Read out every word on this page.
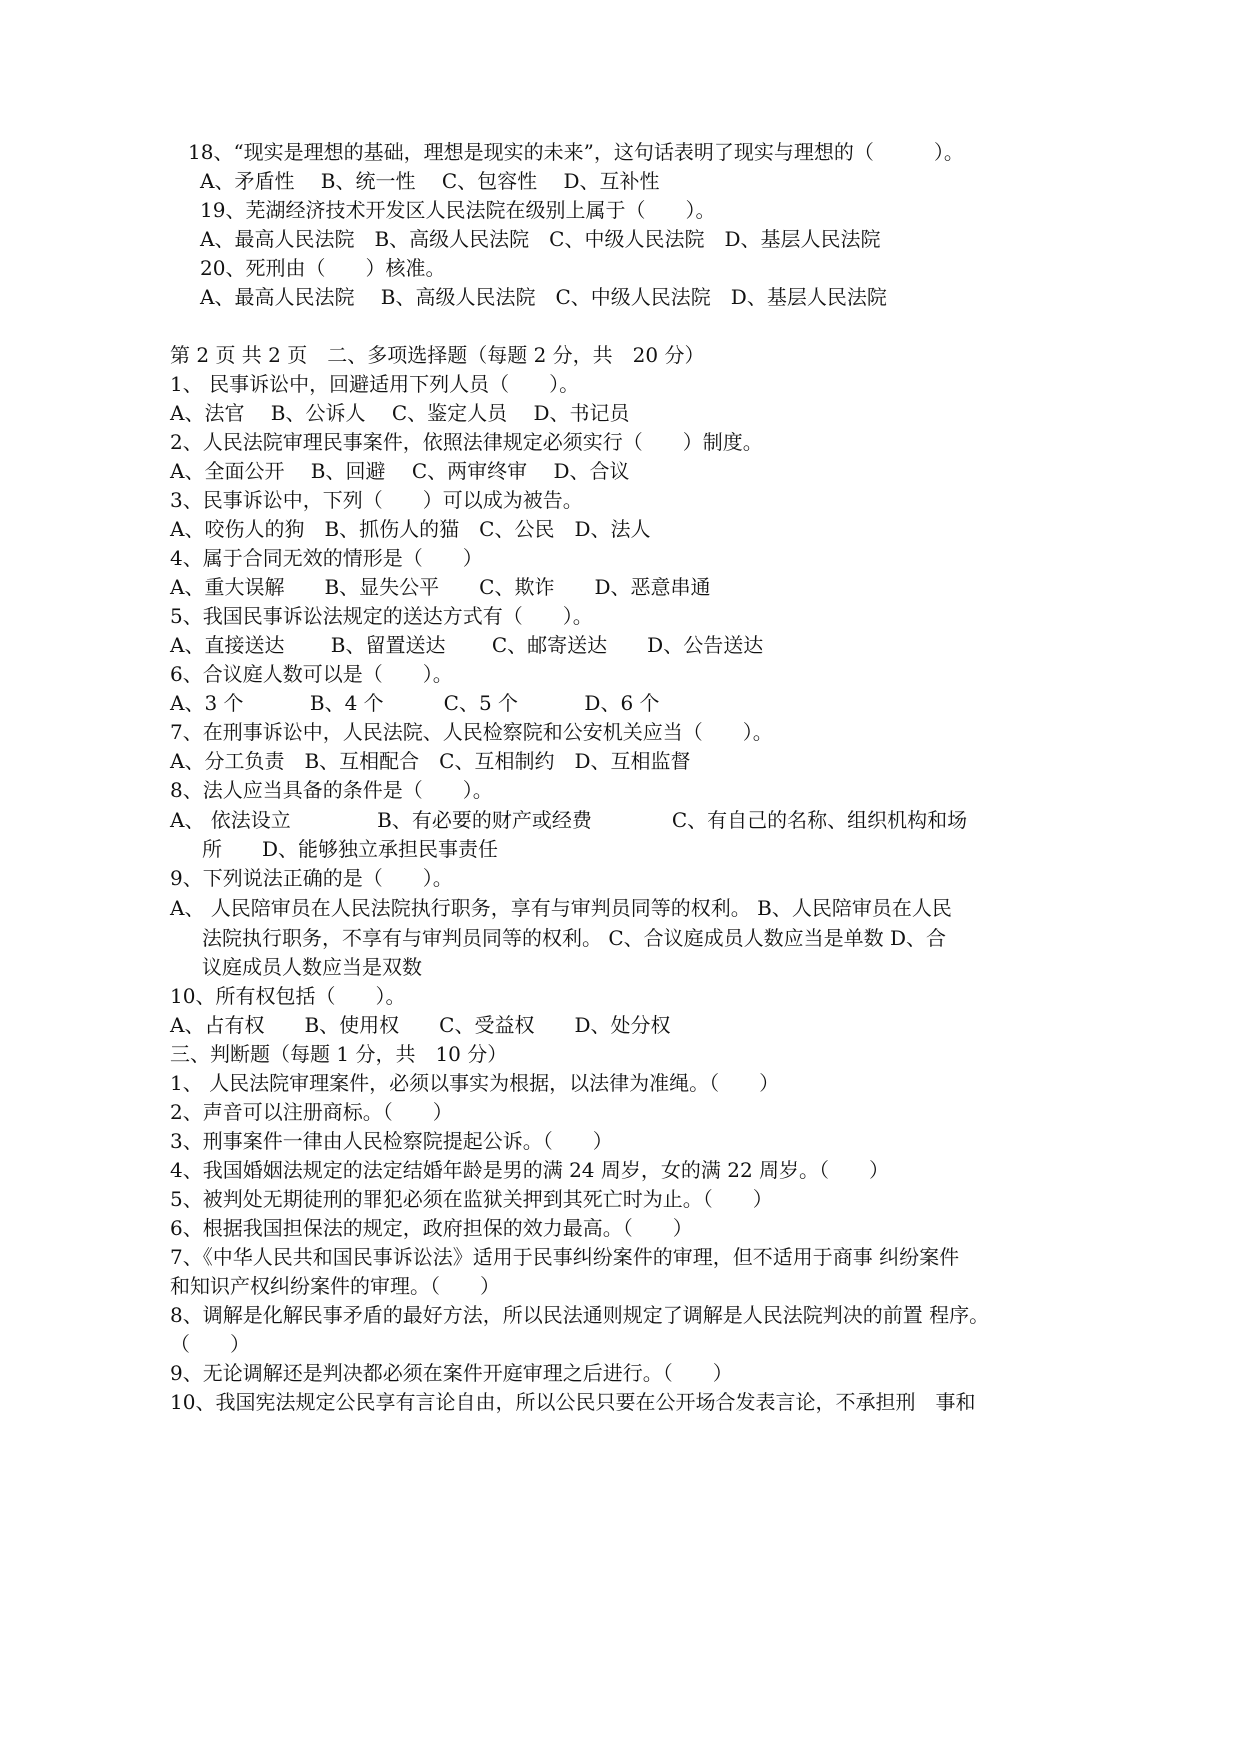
18、“现实是理想的基础，理想是现实的未来”，这句话表明了现实与理想的（　　　）。

A、矛盾性　 B、统一性　 C、包容性　 D、互补性

19、芜湖经济技术开发区人民法院在级别上属于（　　）。

A、最高人民法院　B、高级人民法院　C、中级人民法院　D、基层人民法院

20、死刑由（　　）核准。

A、最高人民法院　 B、高级人民法院　C、中级人民法院　D、基层人民法院

第 2 页 共 2 页　二、多项选择题（每题 2 分，共　20 分）

1、 民事诉讼中，回避适用下列人员（　　）。

A、法官　 B、公诉人　 C、鉴定人员　 D、书记员

2、人民法院审理民事案件，依照法律规定必须实行（　　）制度。

A、全面公开　 B、回避　 C、两审终审　 D、合议

3、民事诉讼中，下列（　　）可以成为被告。

A、咬伤人的狗　B、抓伤人的猫　C、公民　D、法人

4、属于合同无效的情形是（　　）

A、重大误解　　B、显失公平　　C、欺诈　　D、恶意串通

5、我国民事诉讼法规定的送达方式有（　　）。

A、直接送达　　 B、留置送达　　 C、邮寄送达　　D、公告送达

6、合议庭人数可以是（　　）。

A、3 个　　　 B、4 个　　　C、5 个　　　 D、6 个

7、在刑事诉讼中，人民法院、人民检察院和公安机关应当（　　）。

A、分工负责　B、互相配合　C、互相制约　D、互相监督

8、法人应当具备的条件是（　　）。

A、 依法设立　　　　 B、有必要的财产或经费　　　　C、有自己的名称、组织机构和场

所　　D、能够独立承担民事责任

9、下列说法正确的是（　　）。

A、 人民陪审员在人民法院执行职务，享有与审判员同等的权利。 B、人民陪审员在人民

法院执行职务，不享有与审判员同等的权利。 C、合议庭成员人数应当是单数 D、合

议庭成员人数应当是双数

10、所有权包括（　　）。

A、占有权　　B、使用权　　C、受益权　　D、处分权

三、判断题（每题 1 分，共　10 分）

1、 人民法院审理案件，必须以事实为根据，以法律为准绳。（　　）

2、声音可以注册商标。（　　）

3、刑事案件一律由人民检察院提起公诉。（　　）

4、我国婚姻法规定的法定结婚年龄是男的满 24 周岁，女的满 22 周岁。（　　）

5、被判处无期徒刑的罪犯必须在监狱关押到其死亡时为止。（　　）

6、根据我国担保法的规定，政府担保的效力最高。（　　）

7、《中华人民共和国民事诉讼法》适用于民事纠纷案件的审理，但不适用于商事 纠纷案件

和知识产权纠纷案件的审理。（　　）

8、调解是化解民事矛盾的最好方法，所以民法通则规定了调解是人民法院判决的前置 程序。

（　　）

9、无论调解还是判决都必须在案件开庭审理之后进行。（　　）

10、我国宪法规定公民享有言论自由，所以公民只要在公开场合发表言论，不承担刑　事和
